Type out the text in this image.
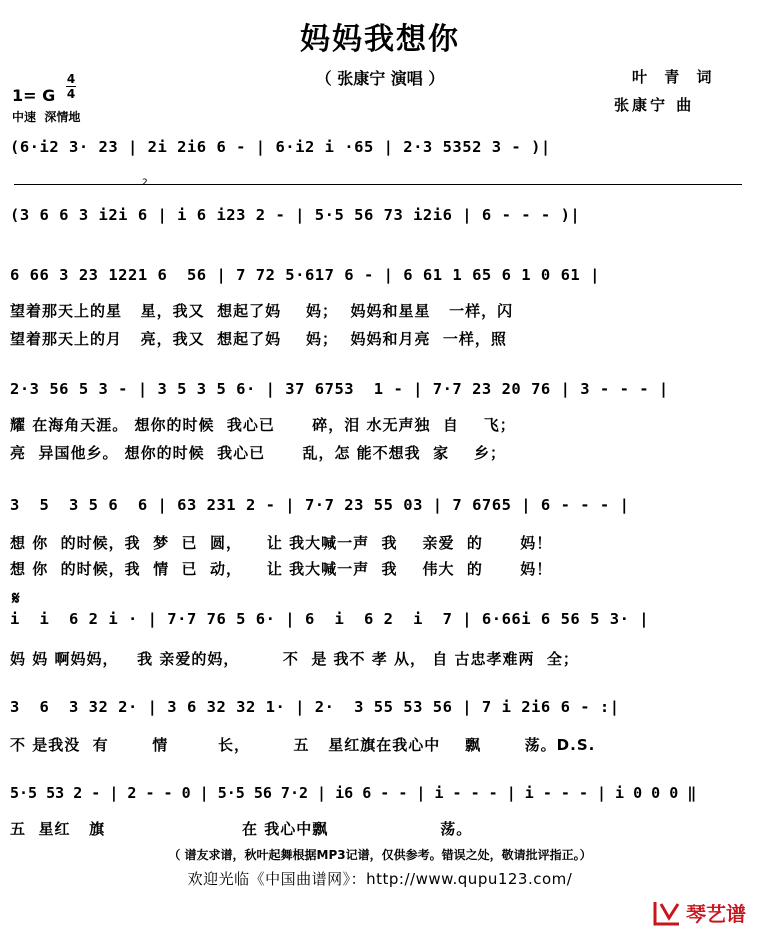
妈妈我想你
（ 张康宁 演唱 ）	叶 青 词
张康宁 曲
1= G
4
4
中速  深情地
(6·i2 3· 23 | 2i 2i6 6 - | 6·i2 i ·65 | 2·3 5352 3 - )|
2
(3 6 6 3 i2i 6 | i 6 i23 2 - | 5·5 56 73 i2i6 | 6 - - - )|
6 66 3 23 1221 6  56 | 7 72 5·617 6 - | 6 61 1 65 6 1 0 61 |
望着那天上的星   星，我又  想起了妈    妈；  妈妈和星星   一样，闪
望着那天上的月   亮，我又  想起了妈    妈；  妈妈和月亮  一样，照
2·3 56 5 3 - | 3 5 3 5 6· | 37 6753  1 - | 7·7 23 20 76 | 3 - - - |
耀 在海角天涯。 想你的时候  我心已      碎，泪 水无声独  自    飞；
亮  异国他乡。 想你的时候  我心已      乱，怎 能不想我  家    乡；
3  5  3 5 6  6 | 63 231 2 - | 7·7 23 55 03 | 7 6765 | 6 - - - |
想 你  的时候，我  梦  已  圆，    让 我大喊一声  我    亲爱  的      妈！
想 你  的时候，我  情  已  动，    让 我大喊一声  我    伟大  的      妈！
𝄋
i  i  6 2 i · | 7·7 76 5 6· | 6  i  6 2  i  7 | 6·66i 6 56 5 3· |
妈 妈 啊妈妈，   我 亲爱的妈，       不  是 我不 孝 从， 自 古忠孝难两  全；
3  6  3 32 2· | 3 6 32 32 1· | 2·  3 55 53 56 | 7 i 2i6 6 - :|
不 是我没  有       情        长，       五   星红旗在我心中    飘       荡。D.S.
5·5 53 2 - | 2 - - 0 | 5·5 56 7·2 | i6 6 - - | i - - - | i - - - | i 0 0 0 ‖
五  星红   旗                      在 我心中飘                  荡。
（ 谱友求谱，秋叶起舞根据MP3记谱，仅供参考。错误之处，敬请批评指正。）
欢迎光临《中国曲谱网》：http://www.qupu123.com/
琴艺谱
